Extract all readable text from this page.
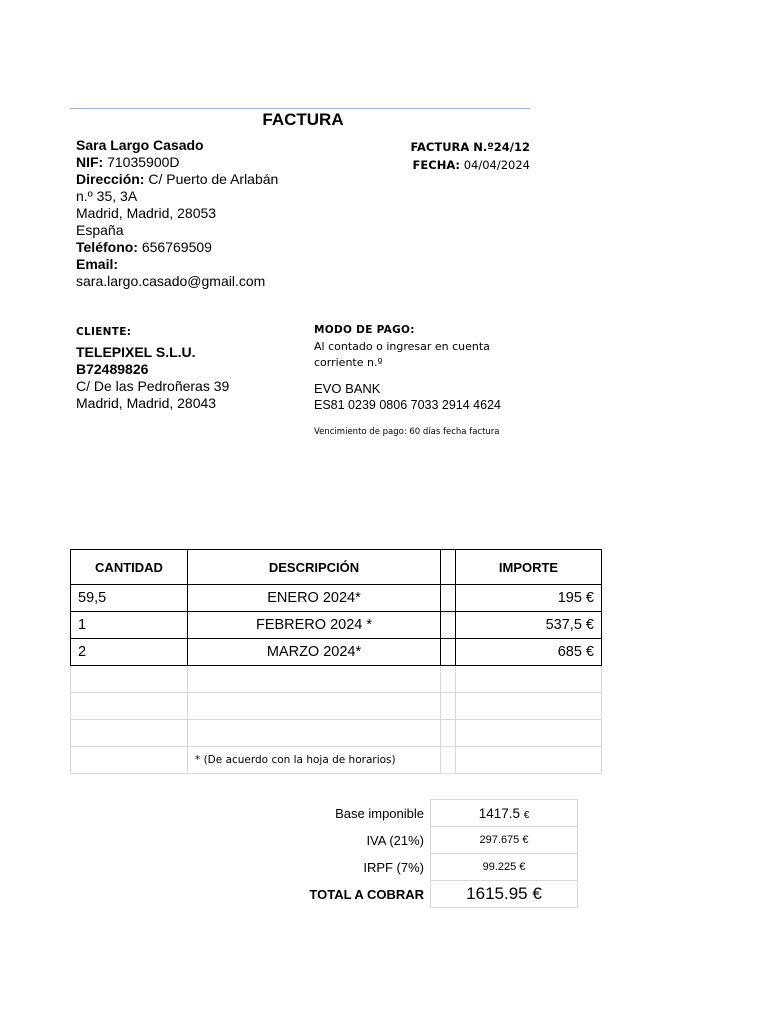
FACTURA
Sara Largo Casado
NIF: 71035900D
Dirección: C/ Puerto de Arlabán
n.º 35, 3A
Madrid, Madrid, 28053
España
Teléfono: 656769509
Email:
sara.largo.casado@gmail.com
FACTURA N.º24/12
FECHA: 04/04/2024
CLIENTE:
TELEPIXEL S.L.U.
B72489826
C/ De las Pedroñeras 39
Madrid, Madrid, 28043
MODO DE PAGO:
Al contado o ingresar en cuenta
corriente n.º
EVO BANK
ES81 0239 0806 7033 2914 4624
Vencimiento de pago: 60 días fecha factura
CANTIDAD	DESCRIPCIÓN		IMPORTE
59,5	ENERO 2024*		195 €
1	FEBRERO 2024 *		537,5 €
2	MARZO 2024*		685 €

	* (De acuerdo con la hoja de horarios)		
Base imponible	1417.5 €
IVA (21%)	297.675 €
IRPF (7%)	99.225 €
TOTAL A COBRAR	1615.95 €
